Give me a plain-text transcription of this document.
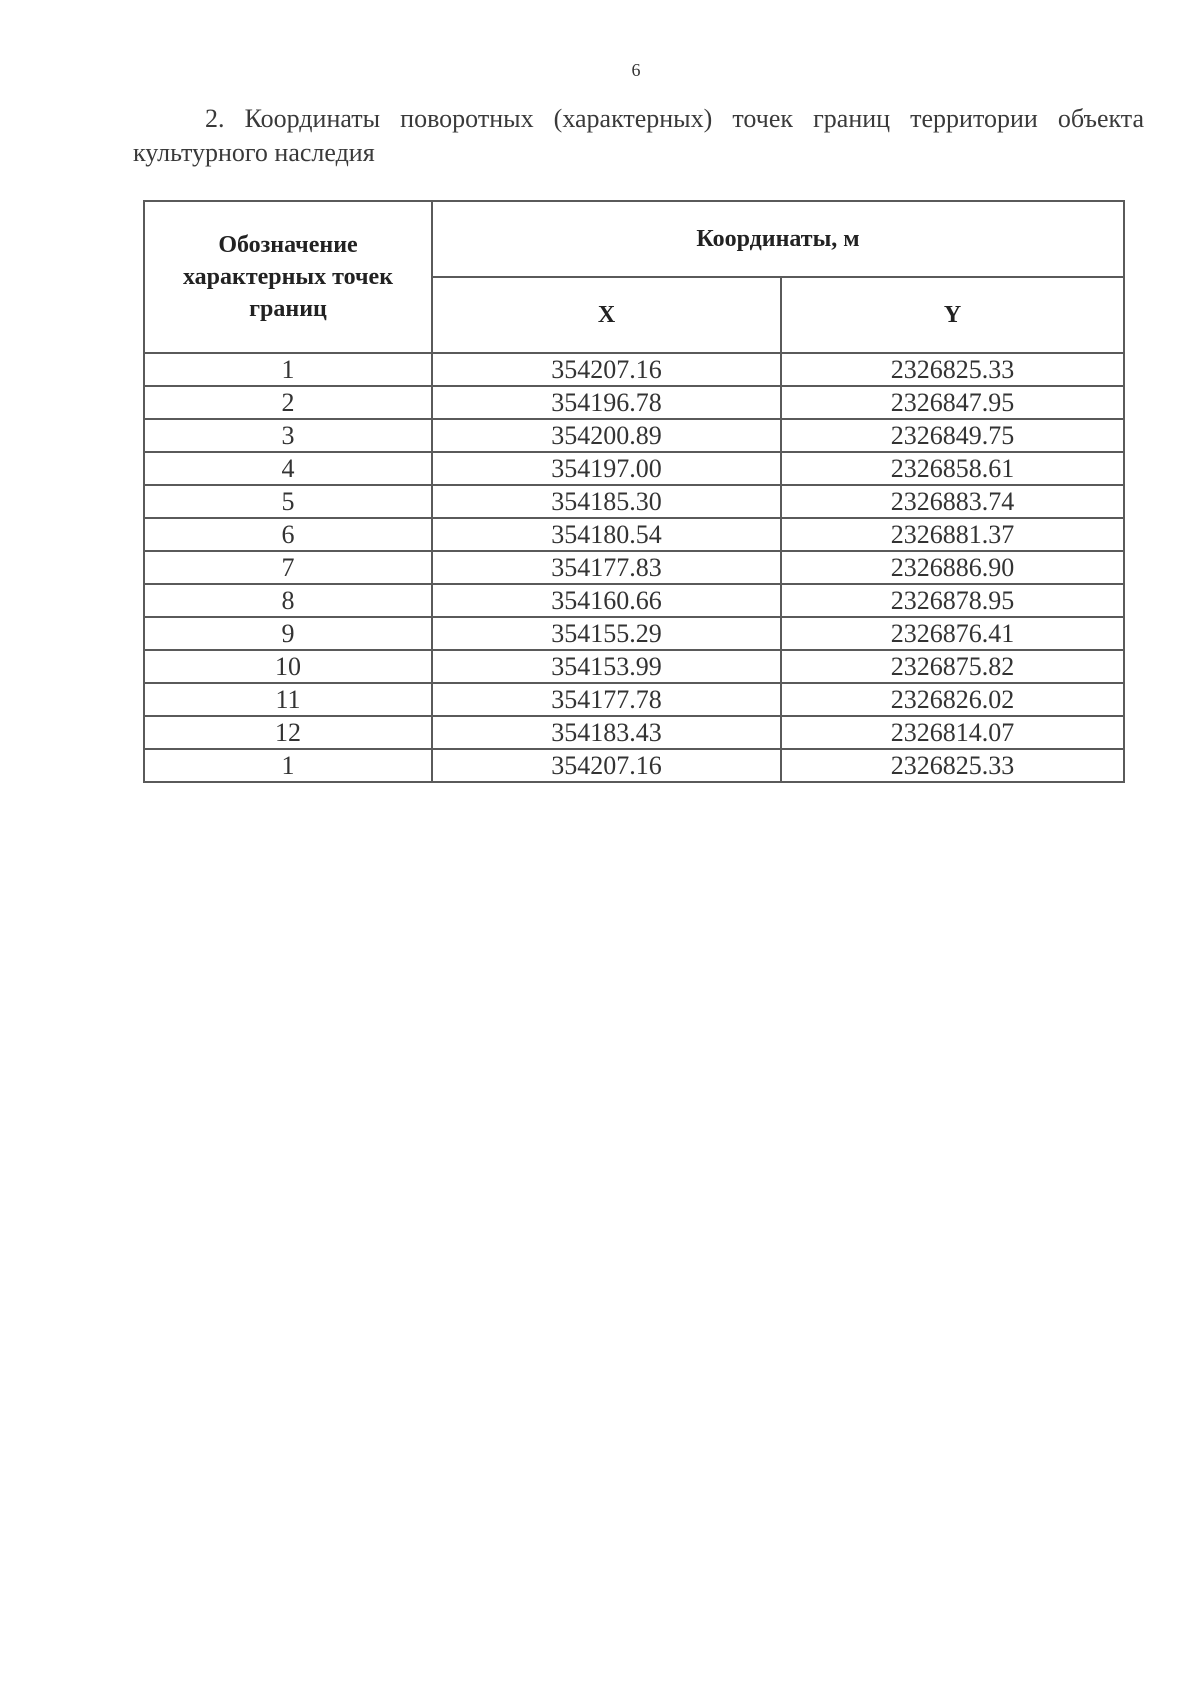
6

2. Координаты поворотных (характерных) точек границ территории объекта культурного наследия

Обозначение характерных точек границ	Координаты, м	
	X	Y
1	354207.16	2326825.33
2	354196.78	2326847.95
3	354200.89	2326849.75
4	354197.00	2326858.61
5	354185.30	2326883.74
6	354180.54	2326881.37
7	354177.83	2326886.90
8	354160.66	2326878.95
9	354155.29	2326876.41
10	354153.99	2326875.82
11	354177.78	2326826.02
12	354183.43	2326814.07
1	354207.16	2326825.33
